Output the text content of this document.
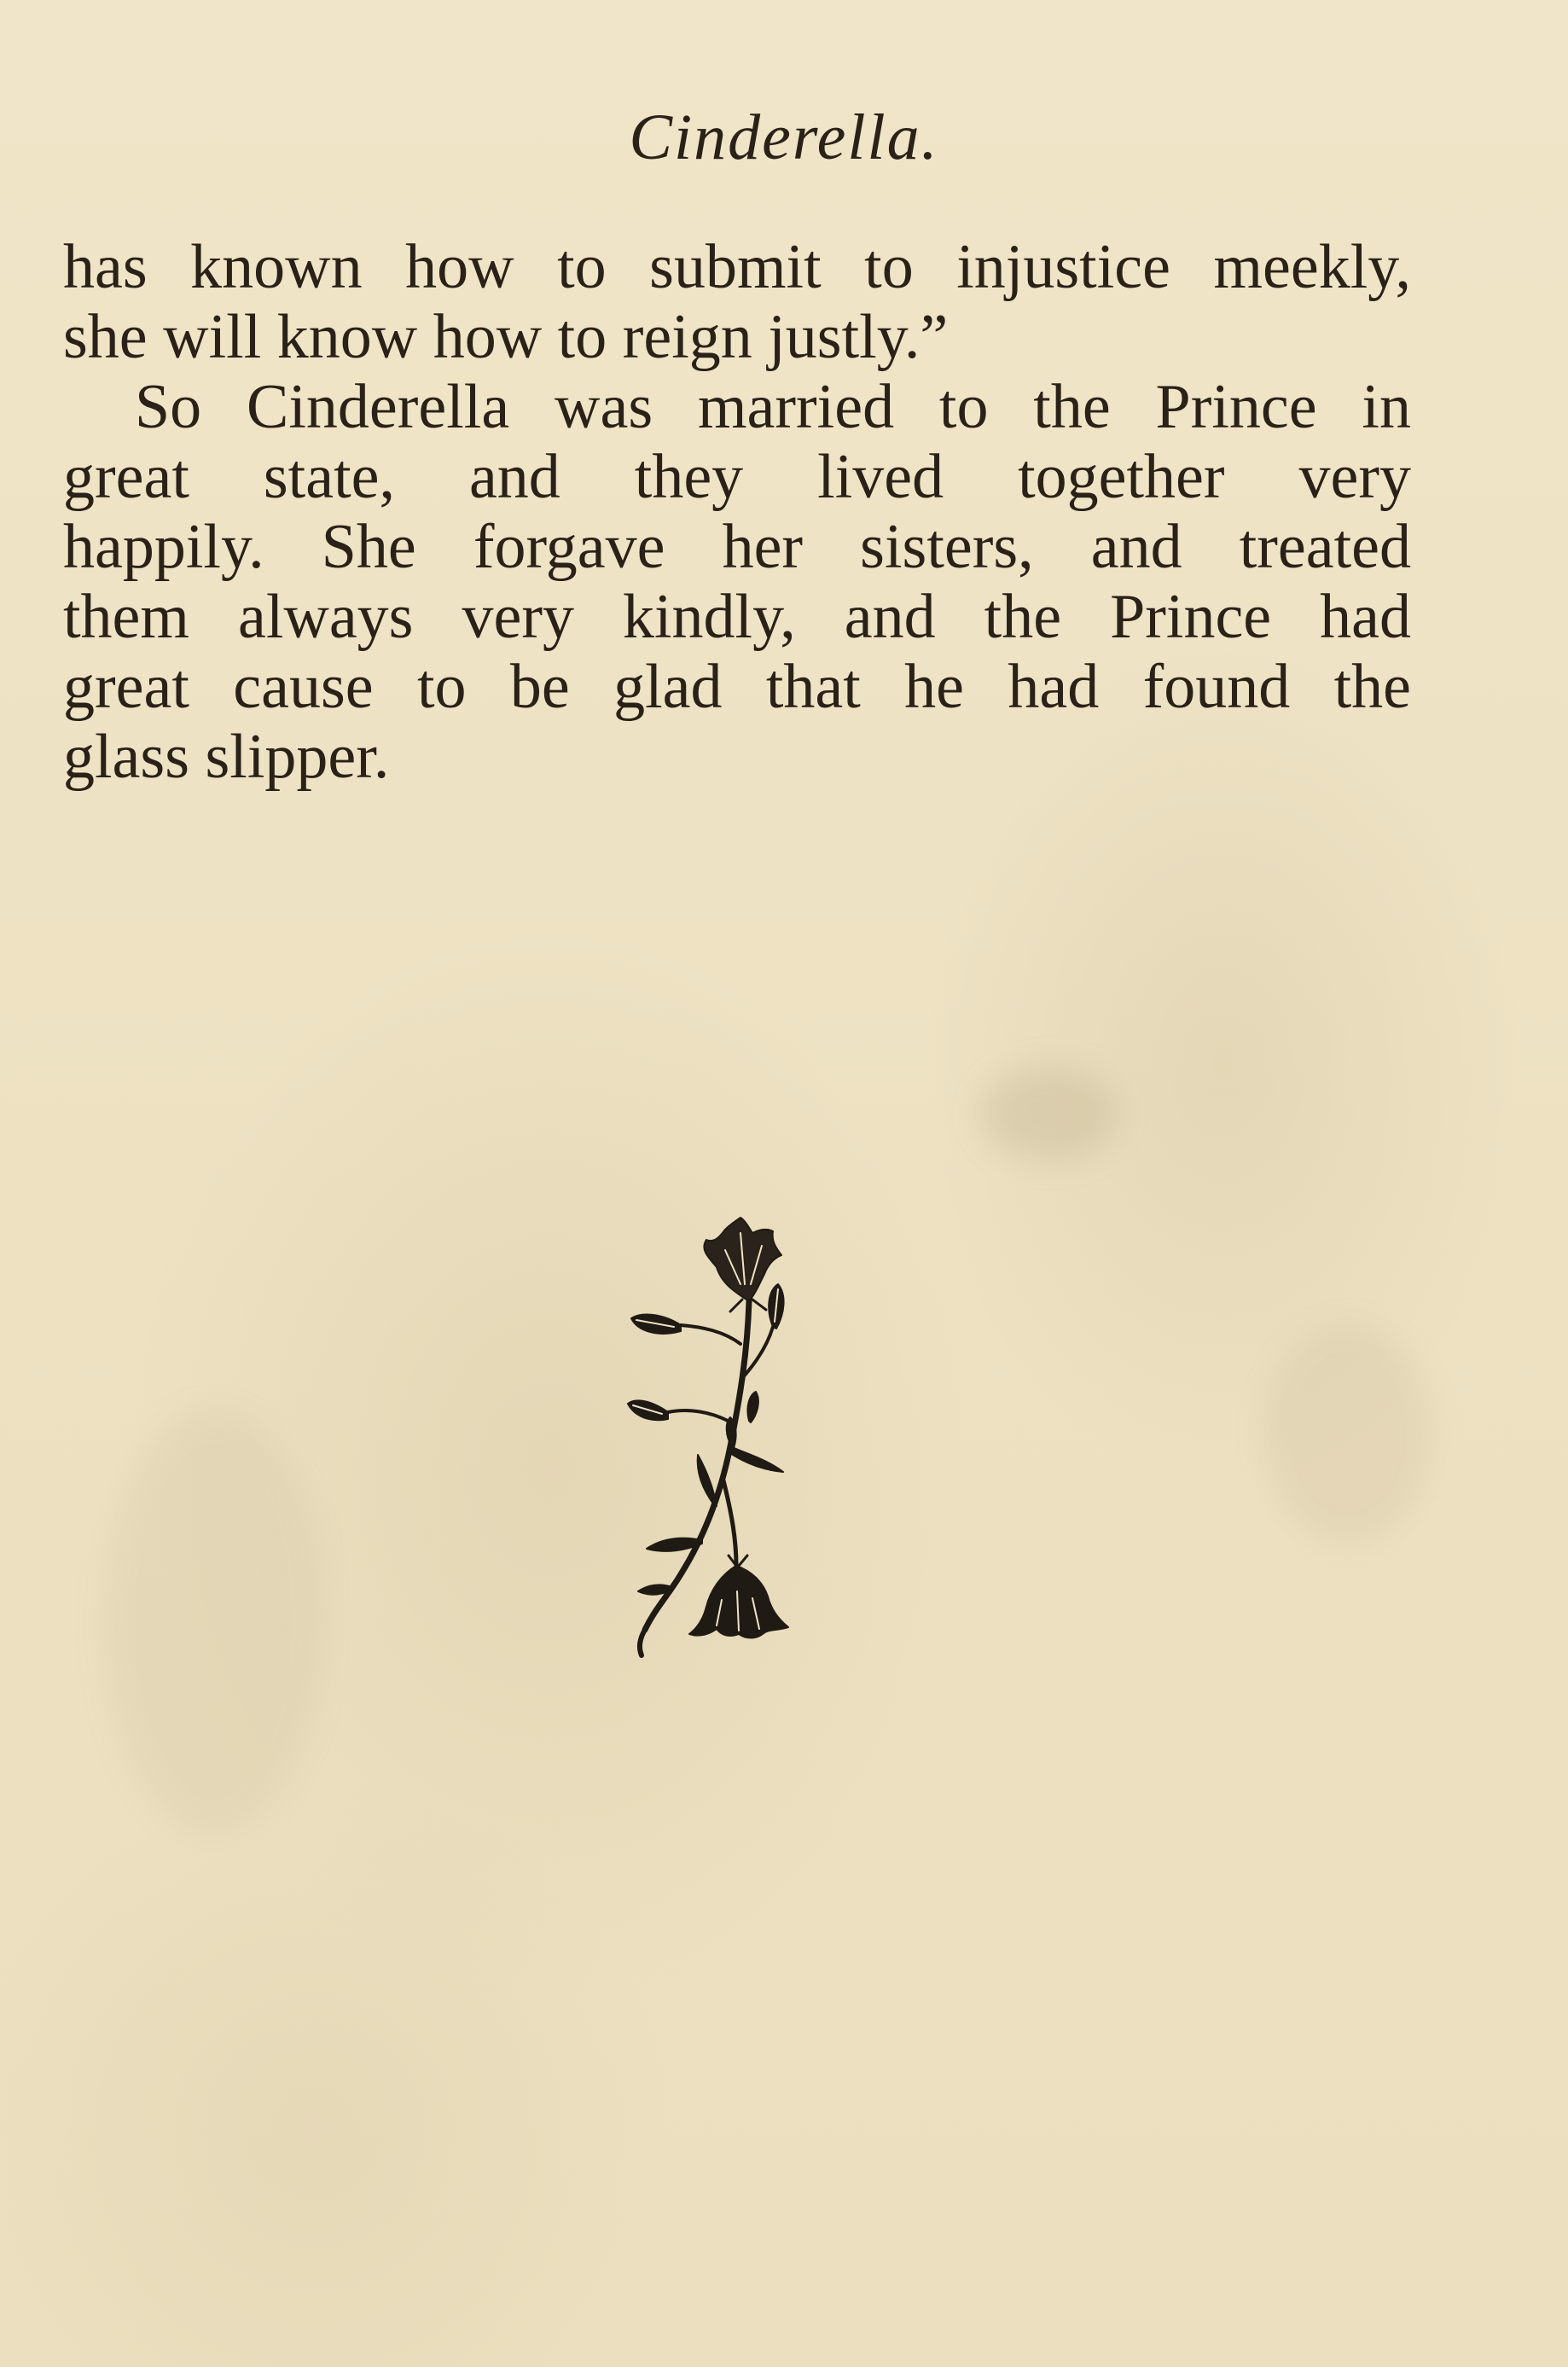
Cinderella.
has known how to submit to injustice meekly,
she will know how to reign justly.”
So Cinderella was married to the Prince in
great state, and they lived together very
happily. She forgave her sisters, and treated
them always very kindly, and the Prince had
great cause to be glad that he had found the
glass slipper.
